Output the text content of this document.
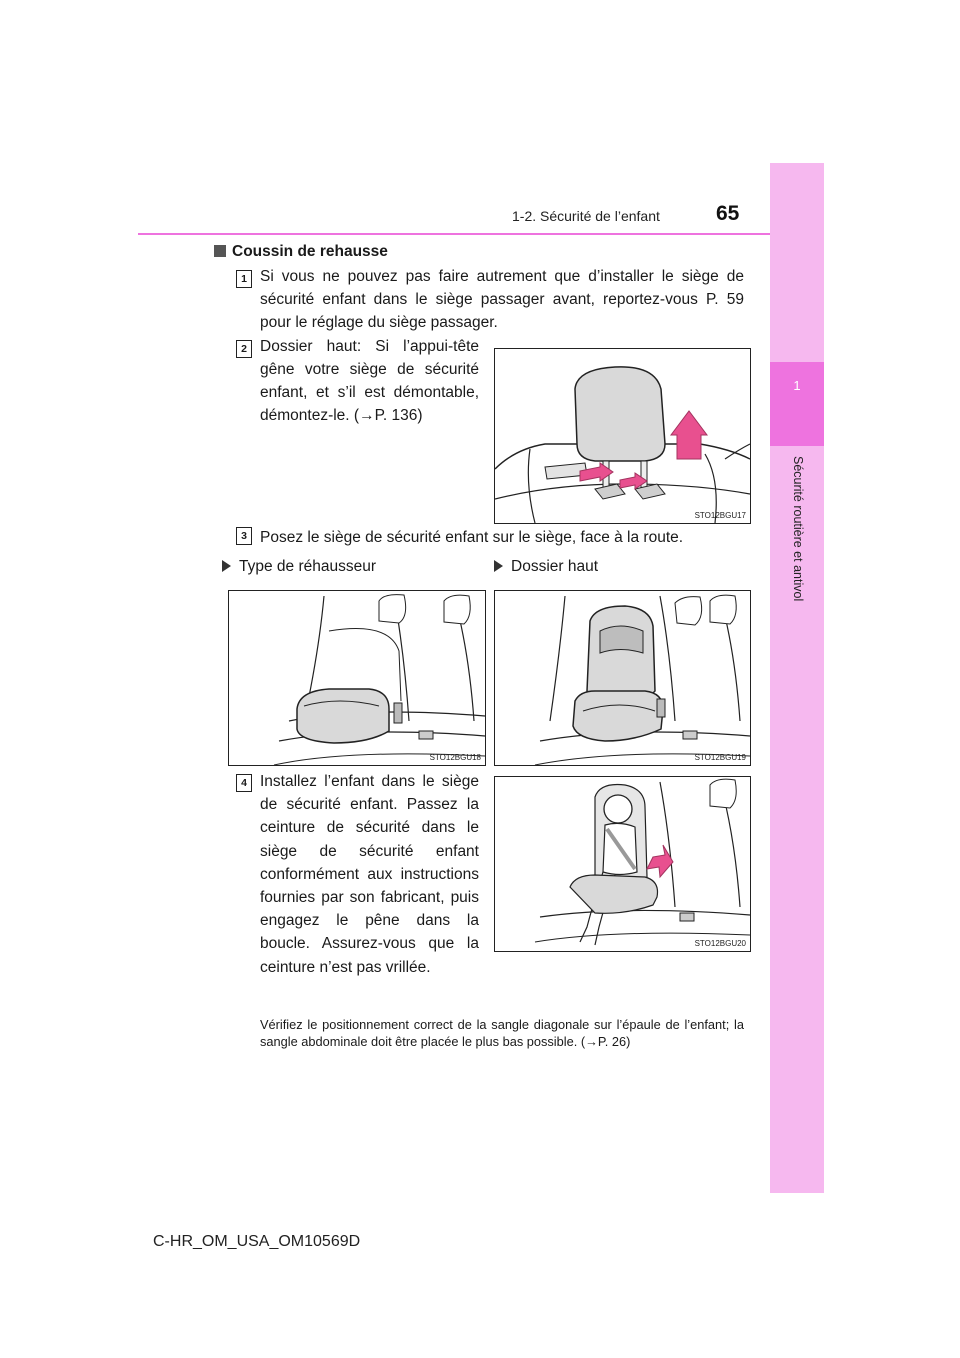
1
Sécurité routière et antivol
1-2. Sécurité de l’enfant	65
Coussin de rehausse
1 Si vous ne pouvez pas faire autrement que d’installer le siège de sécurité enfant dans le siège passager avant, reportez-vous P. 59 pour le réglage du siège passager.
2 Dossier haut: Si l’appui-tête gêne votre siège de sécurité enfant, et s’il est démontable, démontez-le. (→P. 136)
STO12BGU17
3 Posez le siège de sécurité enfant sur le siège, face à la route.
Type de réhausseur	Dossier haut
STO12BGU18	STO12BGU19
4 Installez l’enfant dans le siège de sécurité enfant. Passez la ceinture de sécurité dans le siège de sécurité enfant conformément aux instructions fournies par son fabricant, puis engagez le pêne dans la boucle. Assurez-vous que la ceinture n’est pas vrillée.
STO12BGU20
Vérifiez le positionnement correct de la sangle diagonale sur l’épaule de l’enfant; la sangle abdominale doit être placée le plus bas possible. (→P. 26)
C-HR_OM_USA_OM10569D
